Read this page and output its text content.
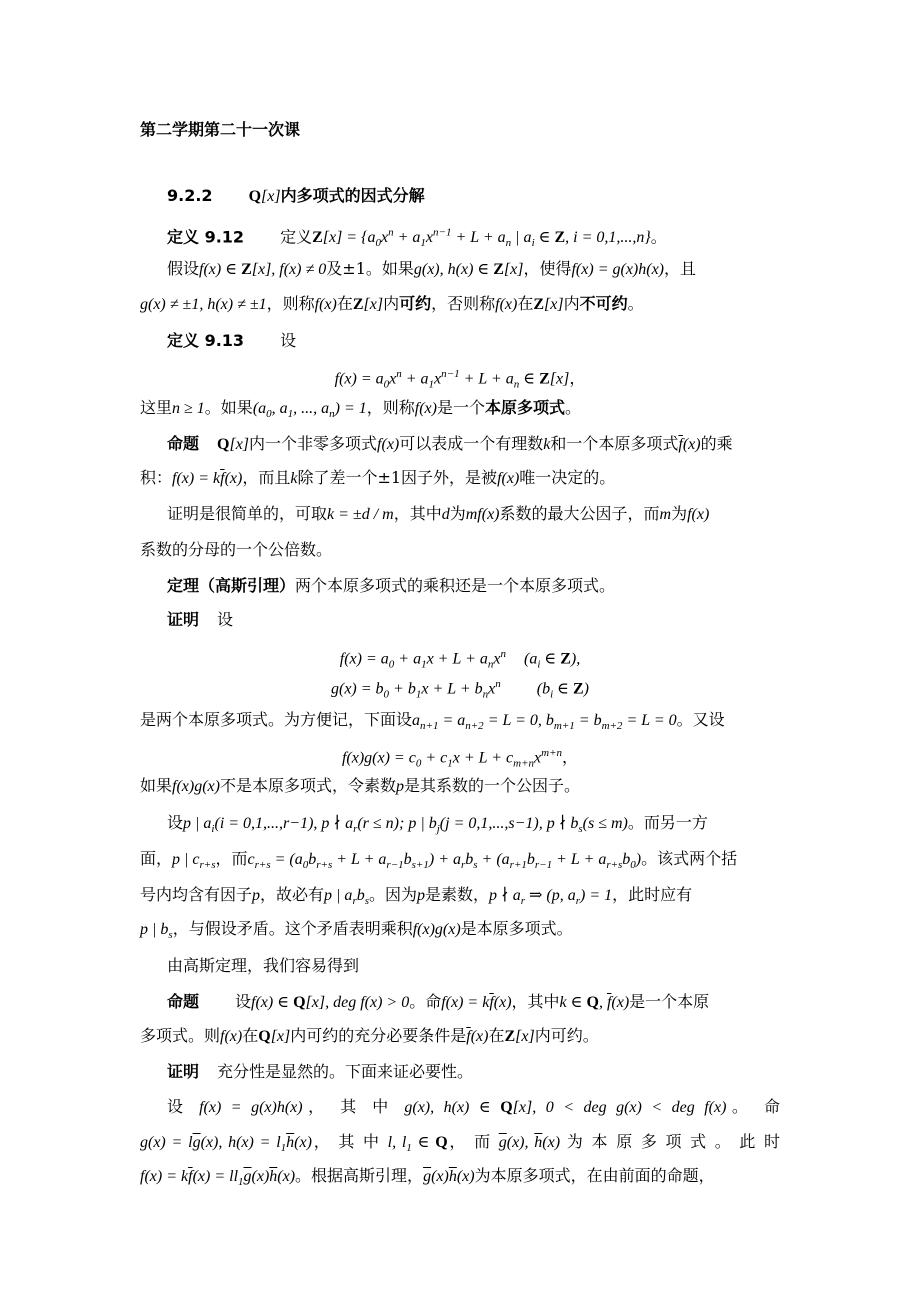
第二学期第二十一次课
9.2.2 Q[x]内多项式的因式分解
定义 9.12 定义$Z[x] = \{a_0x^n + a_1x^{n-1} + L + a_n$ | $a_i$ ∈ Z, i = 0,1,...,n}。
假设f(x) ∈ Z[x], f(x) ≠ 0及±1。如果g(x), h(x) ∈ Z[x]，使得f(x) = g(x)h(x)，且
g(x) ≠ ±1, h(x) ≠ ±1，则称f(x)在Z[x]内可约，否则称f(x)在Z[x]内不可约。
定义 9.13 设
$f(x) = a_0x^n + a_1x^{n-1} + L + a_n$ ∈ Z[x]，
这里n ≥ 1。如果($a_0$, $a_1$, ..., $a_n) = 1$，则称f(x)是一个本原多项式。
命题 Q[x]内一个非零多项式f(x)可以表成一个有理数k和一个本原多项式$\overline{f}(x)$的乘
积：$f(x) = k\overline{f}(x)$，而且k除了差一个±1因子外，是被f(x)唯一决定的。
证明是很简单的，可取k = ±d / m，其中d为mf(x)系数的最大公因子，而m为f(x)
系数的分母的一个公倍数。
定理（高斯引理）两个本原多项式的乘积还是一个本原多项式。
证明 设
$f(x) = a_0 + a_1x + L + a_nx^n$ ($a_i$ ∈ Z),
$g(x) = b_0 + b_1x + L + b_nx^n$ ($b_i$ ∈ Z)
是两个本原多项式。为方便记，下面设$a_{n+1} = a_{n+2} = L = 0$, $b_{m+1} = b_{m+2} = L = 0$。又设
$f(x)g(x) = c_0 + c_1x + L + c_{m+n}x^{m+n}$，
如果f(x)g(x)不是本原多项式，令素数p是其系数的一个公因子。
设p | $a_i(i = 0,1,...,r-1)$, p ∤ $a_r(r \le n)$; p | $b_j(j = 0,1,...,s-1)$, p ∤ $b_s(s \le m)$。而另一方
面，p | $c_{r+s}$，而$c_{r+s} = (a_0b_{r+s} + L + a_{r-1}b_{s+1}) + a_rb_s + (a_{r+1}b_{r-1} + L + a_{r+s}b_0)$。该式两个括
号内均含有因子p，故必有p | $a_rb_s$。因为p是素数，p ∤ $a_r$ ⇒ (p, $a_r) = 1$，此时应有
p | $b_s$，与假设矛盾。这个矛盾表明乘积f(x)g(x)是本原多项式。
由高斯定理，我们容易得到
命题 设f(x) ∈ Q[x], deg f(x) > 0。命$f(x) = k\overline{f}(x)$，其中k ∈ Q, $\overline{f}(x)$是一个本原
多项式。则f(x)在Q[x]内可约的充分必要条件是$\overline{f}(x)$在Z[x]内可约。
证明 充分性是显然的。下面来证必要性。
设 f(x) = g(x)h(x)， 其 中 g(x), h(x) ∈ Q[x], 0 < deg g(x) < deg f(x)。 命
$g(x) = l\overline{g}(x)$, $h(x) = l_1\overline{h}(x)$， 其 中 l, $l_1$ ∈ Q， 而 $\overline{g}(x)$, $\overline{h}(x)$ 为 本 原 多 项 式 。 此 时
$f(x) = k\overline{f}(x) = ll_1\overline{g}(x)\overline{h}(x)$。根据高斯引理，$\overline{g}(x)\overline{h}(x)$为本原多项式，在由前面的命题，
